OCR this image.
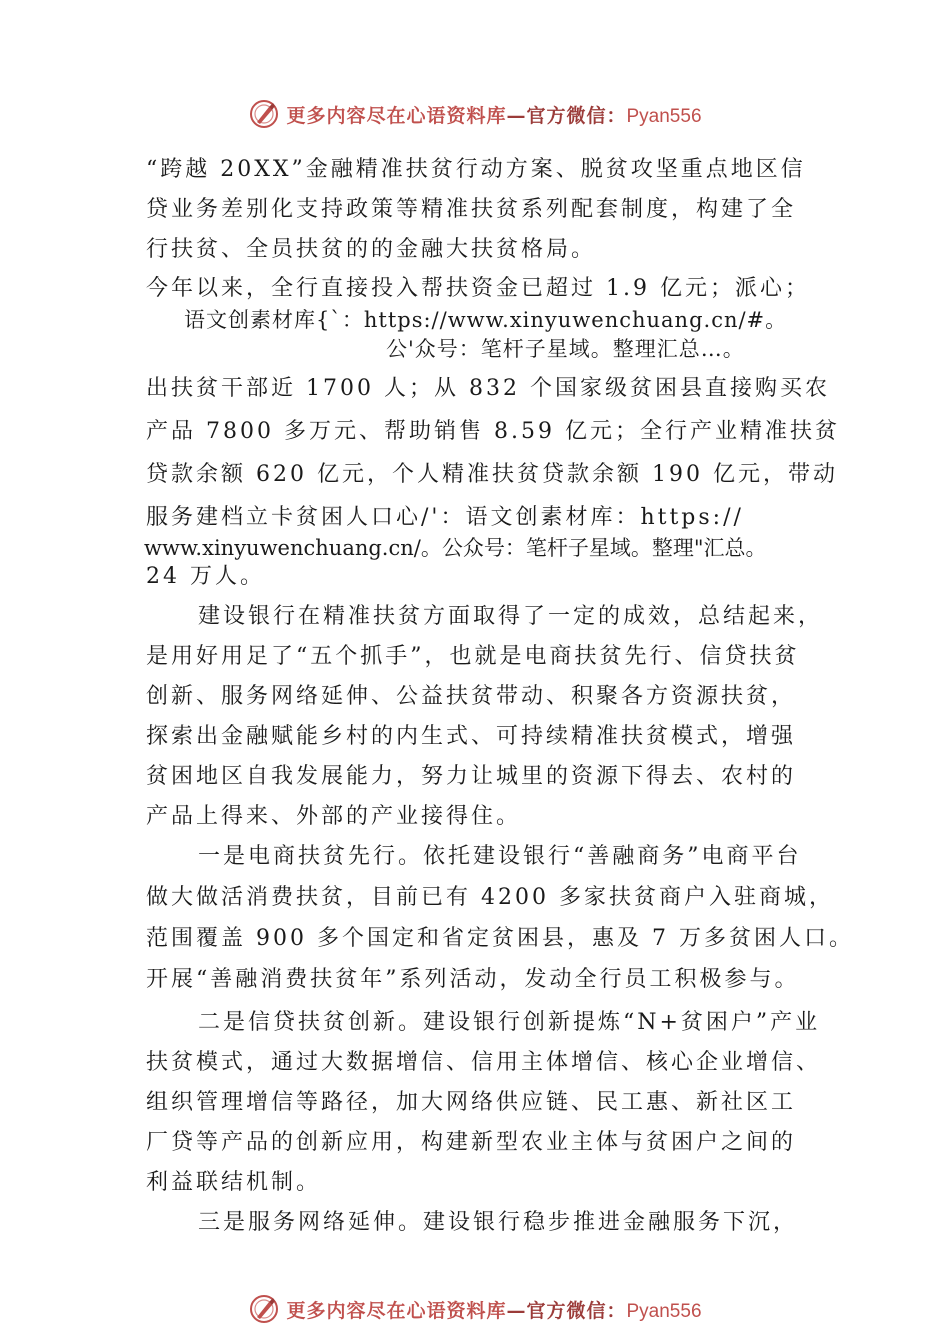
更多内容尽在心语资料库—官方微信：Pyan556
“跨越 20XX”金融精准扶贫行动方案、脱贫攻坚重点地区信
贷业务差别化支持政策等精准扶贫系列配套制度，构建了全
行扶贫、全员扶贫的的金融大扶贫格局。
今年以来，全行直接投入帮扶资金已超过 1.9 亿元；派心；
语文创素材库{`：https://www.xinyuwenchuang.cn/#。
公'众号：笔杆子星域。整理汇总…。
出扶贫干部近 1700 人；从 832 个国家级贫困县直接购买农
产品 7800 多万元、帮助销售 8.59 亿元；全行产业精准扶贫
贷款余额 620 亿元，个人精准扶贫贷款余额 190 亿元，带动
服务建档立卡贫困人口心/'：语文创素材库：https://
www.xinyuwenchuang.cn/。公众号：笔杆子星域。整理"汇总。
24 万人。
建设银行在精准扶贫方面取得了一定的成效，总结起来，
是用好用足了“五个抓手”，也就是电商扶贫先行、信贷扶贫
创新、服务网络延伸、公益扶贫带动、积聚各方资源扶贫，
探索出金融赋能乡村的内生式、可持续精准扶贫模式，增强
贫困地区自我发展能力，努力让城里的资源下得去、农村的
产品上得来、外部的产业接得住。
一是电商扶贫先行。依托建设银行“善融商务”电商平台
做大做活消费扶贫，目前已有 4200 多家扶贫商户入驻商城，
范围覆盖 900 多个国定和省定贫困县，惠及 7 万多贫困人口。
开展“善融消费扶贫年”系列活动，发动全行员工积极参与。
二是信贷扶贫创新。建设银行创新提炼“N+贫困户”产业
扶贫模式，通过大数据增信、信用主体增信、核心企业增信、
组织管理增信等路径，加大网络供应链、民工惠、新社区工
厂贷等产品的创新应用，构建新型农业主体与贫困户之间的
利益联结机制。
三是服务网络延伸。建设银行稳步推进金融服务下沉，
更多内容尽在心语资料库—官方微信：Pyan556
